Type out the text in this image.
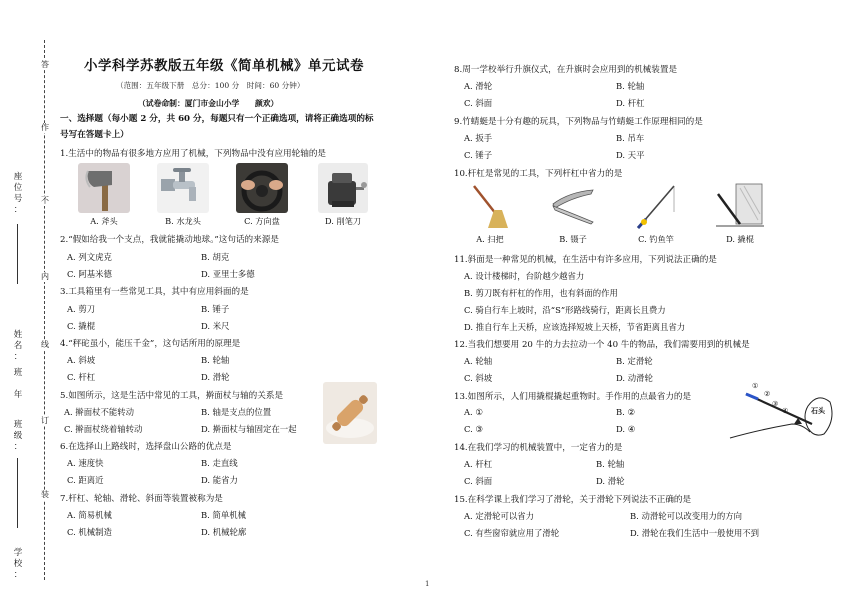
答
作
不
内
线
订
装
座
位
号
：
姓
名
：
班
年
班
级
：
学
校
：
小学科学苏教版五年级《简单机械》单元试卷
（范围：五年级下册　总分：100 分　时间：60 分钟）
（试卷命制：厦门市金山小学　　颜欢）
一、选择题（每小题 2 分，共 60 分，每题只有一个正确选项，请将正确选项的标
号写在答题卡上）
1.生活中的物品有很多地方应用了机械，下列物品中没有应用轮轴的是
A. 斧头	B. 水龙头	C. 方向盘	D. 削笔刀
2.“假如给我一个支点，我就能撬动地球。”这句话的来源是
A. 列文虎克	B. 胡克
C. 阿基米德	D. 亚里士多德
3.工具箱里有一些常见工具，其中有应用斜面的是
A. 剪刀	B. 锤子
C. 撬棍	D. 米尺
4.“秤砣虽小，能压千金”，这句话所用的原理是
A. 斜坡	B. 轮轴
C. 杆杠	D. 滑轮
5.如图所示，这是生活中常见的工具，擀面杖与轴的关系是
A. 擀面杖不能转动	B. 轴是支点的位置
C. 擀面杖绕着轴转动	D. 擀面杖与轴固定在一起
6.在选择山上路线时，选择盘山公路的优点是
A. 速度快	B. 走直线
C. 距离近	D. 能省力
7.杆杠、轮轴、滑轮、斜面等装置被称为是
A. 简易机械	B. 简单机械
C. 机械制造	D. 机械轮廓
8.周一学校举行升旗仪式，在升旗时会应用到的机械装置是
A. 滑轮	B. 轮轴
C. 斜面	D. 杆杠
9.竹蜻蜓是十分有趣的玩具，下列物品与竹蜻蜓工作原理相同的是
A. 扳手	B. 吊车
C. 锤子	D. 天平
10.杆杠是常见的工具，下列杆杠中省力的是
A. 扫把	B. 镊子	C. 钓鱼竿	D. 撬棍
11.斜面是一种常见的机械，在生活中有许多应用，下列说法正确的是
A. 设计楼梯时，台阶越少越省力
B. 剪刀既有杆杠的作用，也有斜面的作用
C. 骑自行车上坡时，沿“S”形路线骑行，距离长且费力
D. 推自行车上天桥，应该选择短坡上天桥，节省距离且省力
12.当我们想要用 20 牛的力去拉动一个 40 牛的物品，我们需要用到的机械是
A. 轮轴	B. 定滑轮
C. 斜坡	D. 动滑轮
13.如图所示，人们用撬棍撬起重物时。手作用的点最省力的是
A. ①	B. ②
C. ③	D. ④
①
②
③
④	石头
14.在我们学习的机械装置中，一定省力的是
A. 杆杠	B. 轮轴
C. 斜面	D. 滑轮
15.在科学课上我们学习了滑轮，关于滑轮下列说法不正确的是
A. 定滑轮可以省力	B. 动滑轮可以改变用力的方向
C. 有些窗帘就应用了滑轮	D. 滑轮在我们生活中一般使用不到
1
